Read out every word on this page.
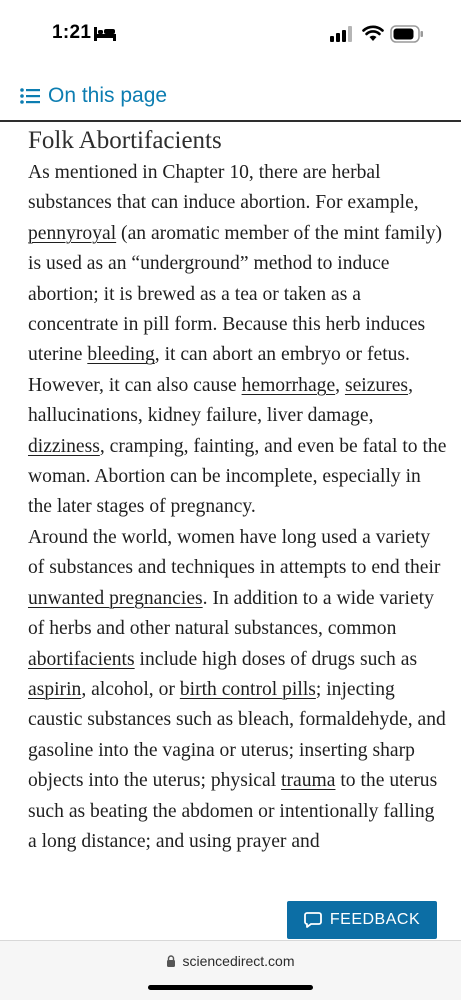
1:21
On this page
Folk Abortifacients

As mentioned in Chapter 10, there are herbal substances that can induce abortion. For example, pennyroyal (an aromatic member of the mint family) is used as an “underground” method to induce abortion; it is brewed as a tea or taken as a concentrate in pill form. Because this herb induces uterine bleeding, it can abort an embryo or fetus. However, it can also cause hemorrhage, seizures, hallucinations, kidney failure, liver damage, dizziness, cramping, fainting, and even be fatal to the woman. Abortion can be incomplete, especially in the later stages of pregnancy.

Around the world, women have long used a variety of substances and techniques in attempts to end their unwanted pregnancies. In addition to a wide variety of herbs and other natural substances, common abortifacients include high doses of drugs such as aspirin, alcohol, or birth control pills; injecting caustic substances such as bleach, formaldehyde, and gasoline into the vagina or uterus; inserting sharp objects into the uterus; physical trauma to the uterus such as beating the abdomen or intentionally falling a long distance; and using prayer and

FEEDBACK
sciencedirect.com
